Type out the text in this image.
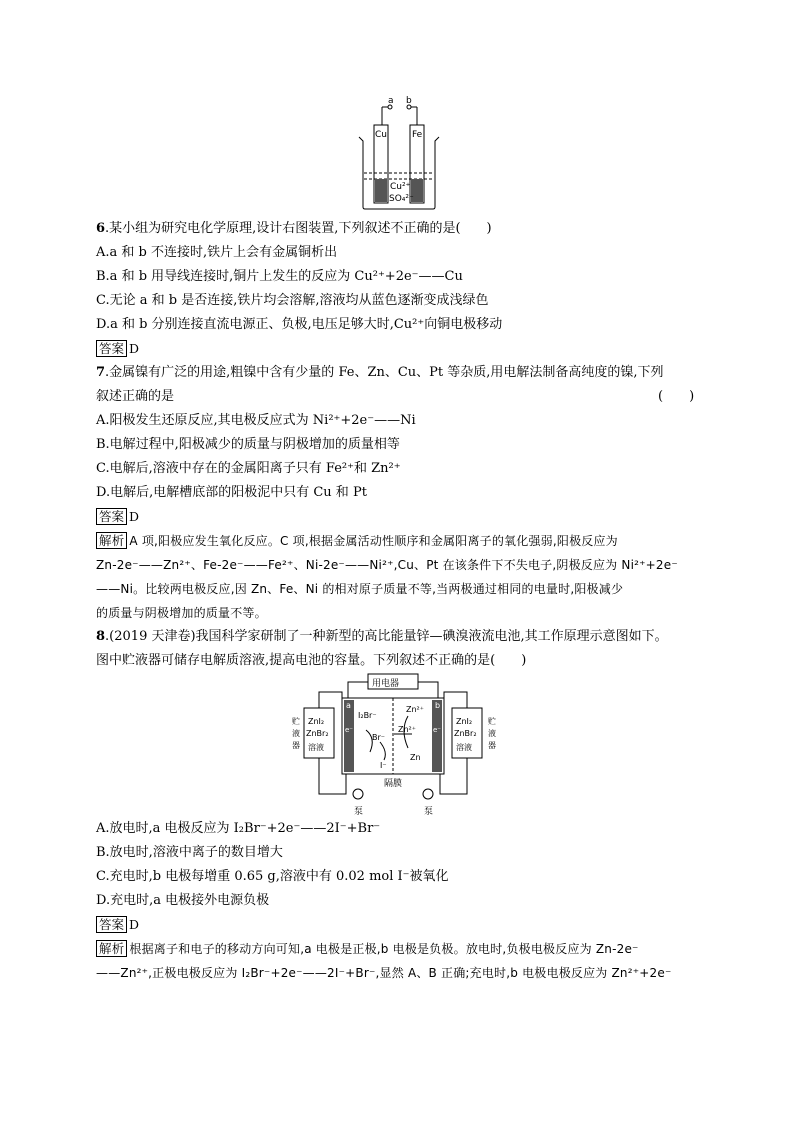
a b
Cu	Fe
Cu²⁺
SO₄²⁻
6.某小组为研究电化学原理,设计右图装置,下列叙述不正确的是(　　)
A.a 和 b 不连接时,铁片上会有金属铜析出
B.a 和 b 用导线连接时,铜片上发生的反应为 Cu²⁺+2e⁻——Cu
C.无论 a 和 b 是否连接,铁片均会溶解,溶液均从蓝色逐渐变成浅绿色
D.a 和 b 分别连接直流电源正、负极,电压足够大时,Cu²⁺向铜电极移动
答案 D
7.金属镍有广泛的用途,粗镍中含有少量的 Fe、Zn、Cu、Pt 等杂质,用电解法制备高纯度的镍,下列
叙述正确的是	(　　)
A.阳极发生还原反应,其电极反应式为 Ni²⁺+2e⁻——Ni
B.电解过程中,阳极减少的质量与阴极增加的质量相等
C.电解后,溶液中存在的金属阳离子只有 Fe²⁺和 Zn²⁺
D.电解后,电解槽底部的阳极泥中只有 Cu 和 Pt
答案 D
解析 A 项,阳极应发生氧化反应。C 项,根据金属活动性顺序和金属阳离子的氧化强弱,阳极反应为
Zn-2e⁻——Zn²⁺、Fe-2e⁻——Fe²⁺、Ni-2e⁻——Ni²⁺,Cu、Pt 在该条件下不失电子,阴极反应为 Ni²⁺+2e⁻
——Ni。比较两电极反应,因 Zn、Fe、Ni 的相对原子质量不等,当两极通过相同的电量时,阳极减少
的质量与阴极增加的质量不等。
8.(2019 天津卷)我国科学家研制了一种新型的高比能量锌—碘溴液流电池,其工作原理示意图如下。
图中贮液器可储存电解质溶液,提高电池的容量。下列叙述不正确的是(　　)
用电器
a	b
e⁻	e⁻
I₂Br⁻
Br⁻
I⁻
Zn²⁺
Zn²⁺
Zn
ZnI₂
ZnBr₂
溶液
ZnI₂
ZnBr₂
溶液
贮
液
器
贮
液
器
隔膜
泵	泵
A.放电时,a 电极反应为 I₂Br⁻+2e⁻——2I⁻+Br⁻
B.放电时,溶液中离子的数目增大
C.充电时,b 电极每增重 0.65 g,溶液中有 0.02 mol I⁻被氧化
D.充电时,a 电极接外电源负极
答案 D
解析 根据离子和电子的移动方向可知,a 电极是正极,b 电极是负极。放电时,负极电极反应为 Zn-2e⁻
——Zn²⁺,正极电极反应为 I₂Br⁻+2e⁻——2I⁻+Br⁻,显然 A、B 正确;充电时,b 电极电极反应为 Zn²⁺+2e⁻
